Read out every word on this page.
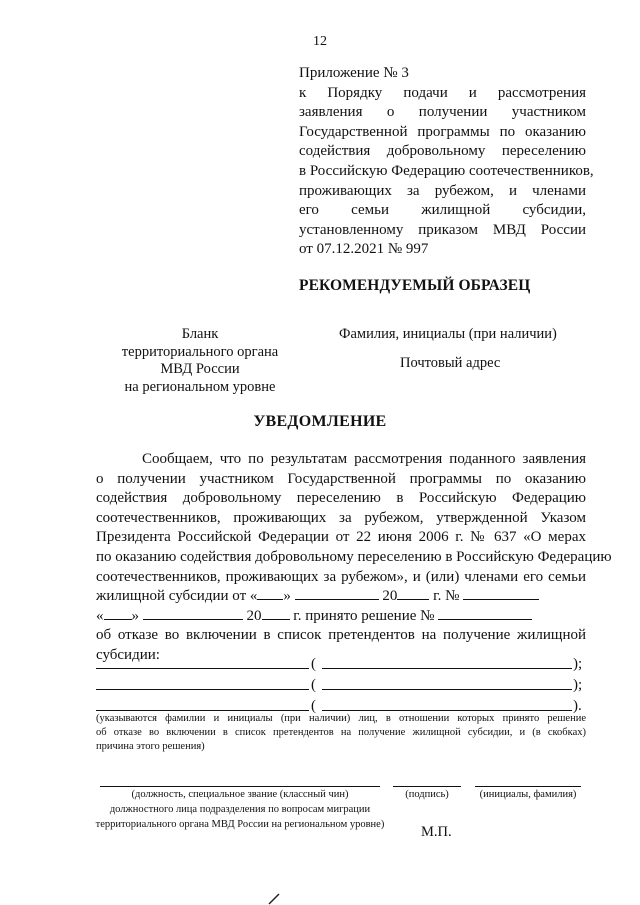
12
Приложение № 3
к Порядку подачи и рассмотрения
заявления о получении участником
Государственной программы по оказанию
содействия добровольному переселению
в Российскую Федерацию соотечественников,
проживающих за рубежом, и членами
его семьи жилищной субсидии,
установленному приказом МВД России
от 07.12.2021 № 997
РЕКОМЕНДУЕМЫЙ ОБРАЗЕЦ
Бланк
территориального органа
МВД России
на региональном уровне
Фамилия, инициалы (при наличии)
Почтовый адрес
УВЕДОМЛЕНИЕ
Сообщаем, что по результатам рассмотрения поданного заявления
о получении участником Государственной программы по оказанию
содействия добровольному переселению в Российскую Федерацию
соотечественников, проживающих за рубежом, утвержденной Указом
Президента Российской Федерации от 22 июня 2006 г. № 637 «О мерах
по оказанию содействия добровольному переселению в Российскую Федерацию
соотечественников, проживающих за рубежом», и (или) членами его семьи
жилищной субсидии от « »	20 г. №
« »	20 г. принято решение №
об отказе во включении в список претендентов на получение жилищной
субсидии:
(	);
(	);
(	).
(указываются фамилии и инициалы (при наличии) лиц, в отношении которых принято решение
об отказе во включении в список претендентов на получение жилищной субсидии, и (в скобках)
причина этого решения)
(должность, специальное звание (классный чин)
должностного лица подразделения по вопросам миграции
территориального органа МВД России на региональном уровне)
(подпись)	(инициалы, фамилия)
М.П.
